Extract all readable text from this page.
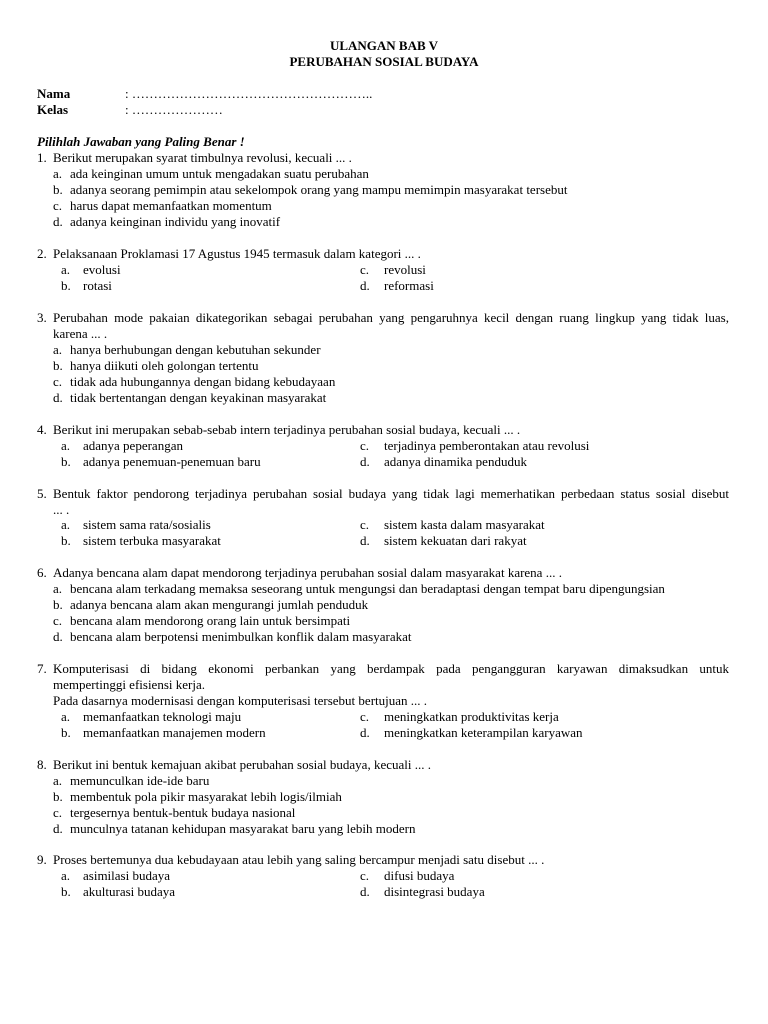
ULANGAN BAB V
PERUBAHAN SOSIAL BUDAYA
Nama	: ………………………………………………..
Kelas	: …………………
Pilihlah Jawaban yang Paling Benar !
1. Berikut merupakan syarat timbulnya revolusi, kecuali ... .
a. ada keinginan umum untuk mengadakan suatu perubahan
b. adanya seorang pemimpin atau sekelompok orang yang mampu memimpin masyarakat tersebut
c. harus dapat memanfaatkan momentum
d. adanya keinginan individu yang inovatif
2. Pelaksanaan Proklamasi 17 Agustus 1945 termasuk dalam kategori ... .
a. evolusi	c. revolusi
b. rotasi	d. reformasi
3. Perubahan mode pakaian dikategorikan sebagai perubahan yang pengaruhnya kecil dengan ruang lingkup yang tidak luas,
karena ... .
a. hanya berhubungan dengan kebutuhan sekunder
b. hanya diikuti oleh golongan tertentu
c. tidak ada hubungannya dengan bidang kebudayaan
d. tidak bertentangan dengan keyakinan masyarakat
4. Berikut ini merupakan sebab-sebab intern terjadinya perubahan sosial budaya, kecuali ... .
a. adanya peperangan	c. terjadinya pemberontakan atau revolusi
b. adanya penemuan-penemuan baru	d. adanya dinamika penduduk
5. Bentuk faktor pendorong terjadinya perubahan sosial budaya yang tidak lagi memerhatikan perbedaan status sosial disebut
... .
a. sistem sama rata/sosialis	c. sistem kasta dalam masyarakat
b. sistem terbuka masyarakat	d. sistem kekuatan dari rakyat
6. Adanya bencana alam dapat mendorong terjadinya perubahan sosial dalam masyarakat karena ... .
a. bencana alam terkadang memaksa seseorang untuk mengungsi dan beradaptasi dengan tempat baru dipengungsian
b. adanya bencana alam akan mengurangi jumlah penduduk
c. bencana alam mendorong orang lain untuk bersimpati
d. bencana alam berpotensi menimbulkan konflik dalam masyarakat
7. Komputerisasi di bidang ekonomi perbankan yang berdampak pada pengangguran karyawan dimaksudkan untuk
mempertinggi efisiensi kerja.
Pada dasarnya modernisasi dengan komputerisasi tersebut bertujuan ... .
a. memanfaatkan teknologi maju	c. meningkatkan produktivitas kerja
b. memanfaatkan manajemen modern	d. meningkatkan keterampilan karyawan
8. Berikut ini bentuk kemajuan akibat perubahan sosial budaya, kecuali ... .
a. memunculkan ide-ide baru
b. membentuk pola pikir masyarakat lebih logis/ilmiah
c. tergesernya bentuk-bentuk budaya nasional
d. munculnya tatanan kehidupan masyarakat baru yang lebih modern
9. Proses bertemunya dua kebudayaan atau lebih yang saling bercampur menjadi satu disebut ... .
a. asimilasi budaya	c. difusi budaya
b. akulturasi budaya	d. disintegrasi budaya
